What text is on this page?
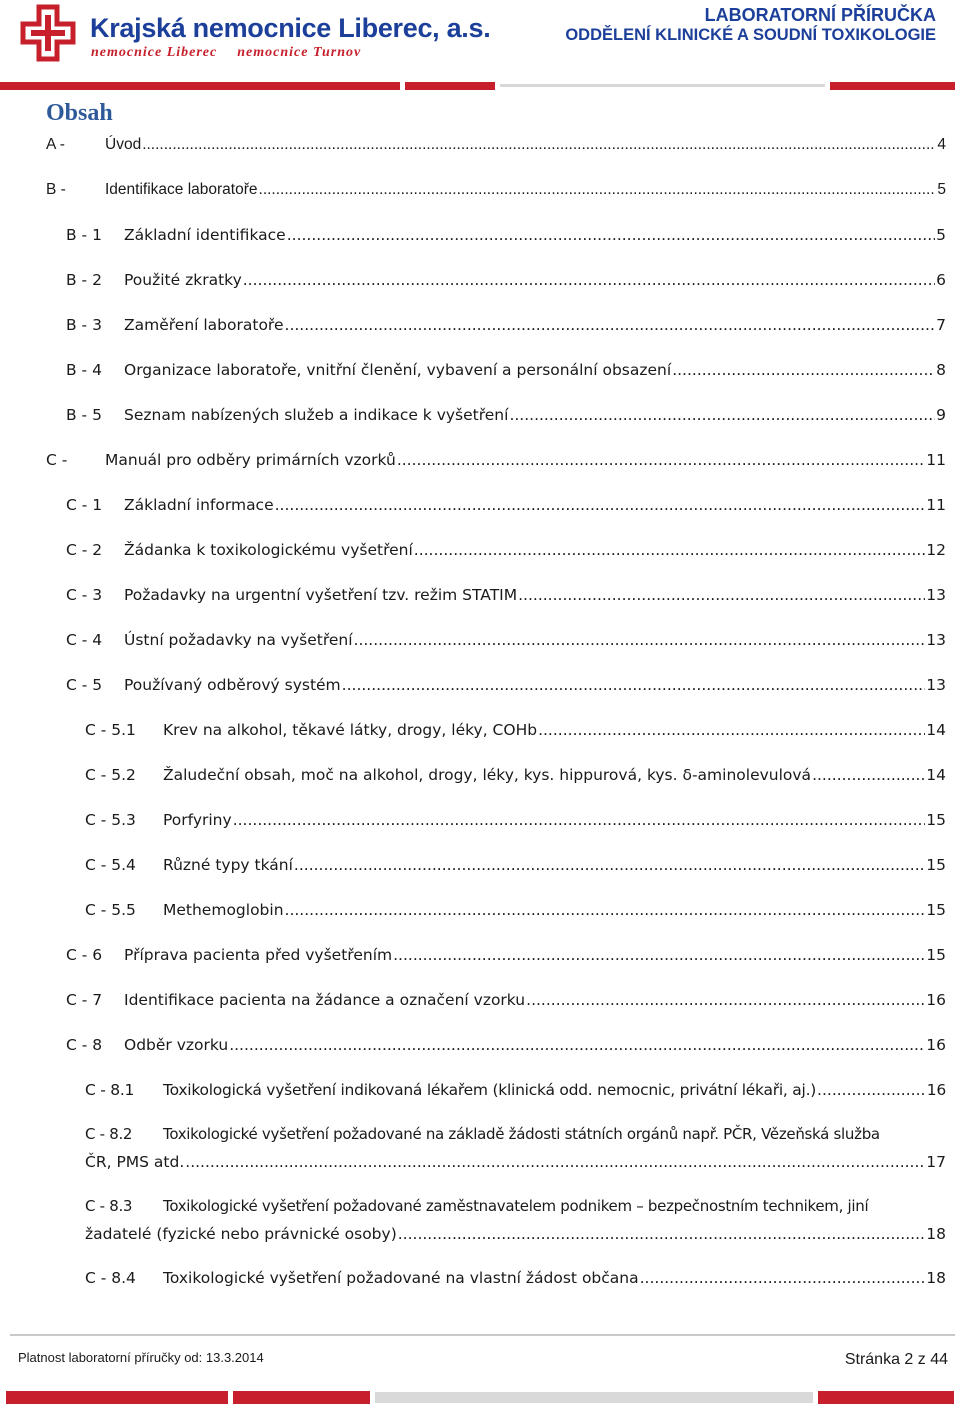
Krajská nemocnice Liberec, a.s.
nemocnice Liberec nemocnice Turnov
LABORATORNÍ PŘÍRUČKA
ODDĚLENÍ KLINICKÉ A SOUDNÍ TOXIKOLOGIE
Obsah
A -	Úvod .....	4
B -	Identifikace laboratoře .....	5
B - 1	Základní identifikace .....	5
B - 2	Použité zkratky .....	6
B - 3	Zaměření laboratoře .....	7
B - 4	Organizace laboratoře, vnitřní členění, vybavení a personální obsazení .....	8
B - 5	Seznam nabízených služeb a indikace k vyšetření .....	9
C -	Manuál pro odběry primárních vzorků .....	11
C - 1	Základní informace .....	11
C - 2	Žádanka k toxikologickému vyšetření .....	12
C - 3	Požadavky na urgentní vyšetření tzv. režim STATIM .....	13
C - 4	Ústní požadavky na vyšetření .....	13
C - 5	Používaný odběrový systém .....	13
C - 5.1	Krev na alkohol, těkavé látky, drogy, léky, COHb .....	14
C - 5.2	Žaludeční obsah, moč na alkohol, drogy, léky, kys. hippurová, kys. δ-aminolevulová .....	14
C - 5.3	Porfyriny .....	15
C - 5.4	Různé typy tkání .....	15
C - 5.5	Methemoglobin .....	15
C - 6	Příprava pacienta před vyšetřením .....	15
C - 7	Identifikace pacienta na žádance a označení vzorku .....	16
C - 8	Odběr vzorku .....	16
C - 8.1	Toxikologická vyšetření indikovaná lékařem (klinická odd. nemocnic, privátní lékaři, aj.) .....	16
C - 8.2 Toxikologické vyšetření požadované na základě žádosti státních orgánů např. PČR, Vězeňská služba
ČR, PMS atd. .....	17
C - 8.3 Toxikologické vyšetření požadované zaměstnavatelem podnikem – bezpečnostním technikem, jiní
žadatelé (fyzické nebo právnické osoby) .....	18
C - 8.4	Toxikologické vyšetření požadované na vlastní žádost občana .....	18
Platnost laboratorní příručky od: 13.3.2014	Stránka 2 z 44
